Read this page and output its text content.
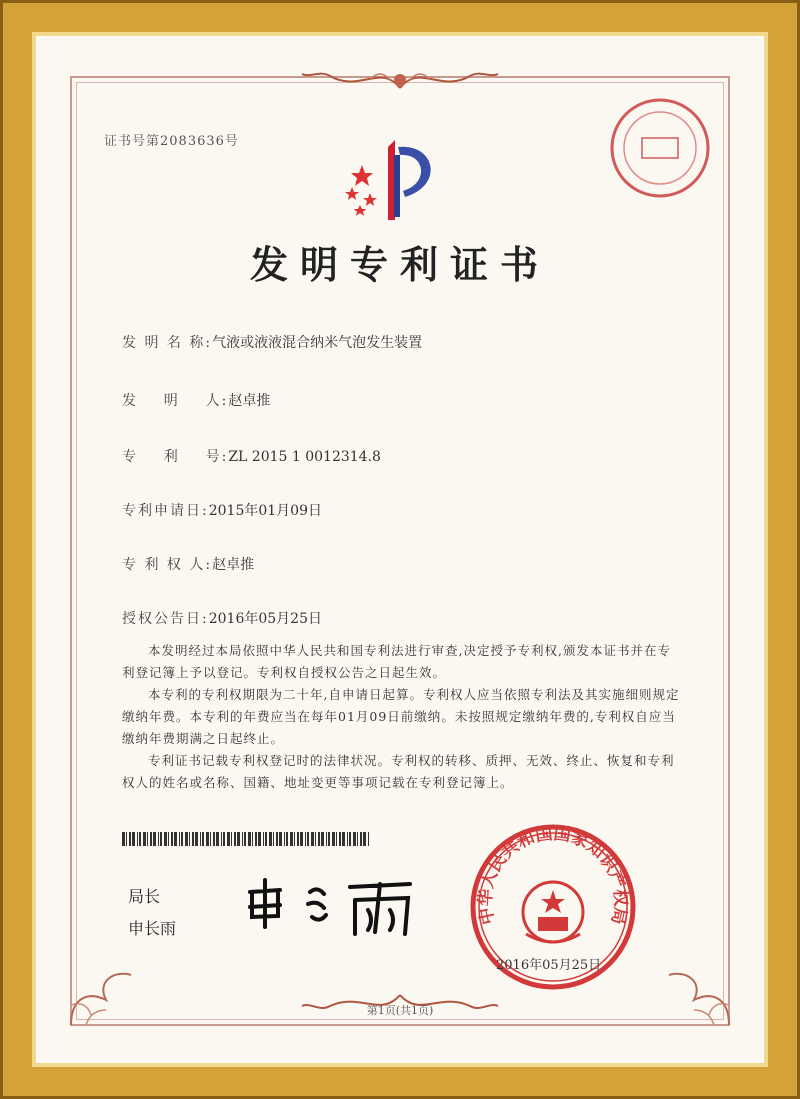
证书号第2083636号
发明专利证书
发 明 名 称:气液或液液混合纳米气泡发生装置
发    明    人:赵卓推
专    利    号:ZL 2015 1 0012314.8
专利申请日:2015年01月09日
专 利 权 人:赵卓推
授权公告日:2016年05月25日
本发明经过本局依照中华人民共和国专利法进行审查,决定授予专利权,颁发本证书并在专利登记簿上予以登记。专利权自授权公告之日起生效。
本专利的专利权期限为二十年,自申请日起算。专利权人应当依照专利法及其实施细则规定缴纳年费。本专利的年费应当在每年01月09日前缴纳。未按照规定缴纳年费的,专利权自应当缴纳年费期满之日起终止。
专利证书记载专利权登记时的法律状况。专利权的转移、质押、无效、终止、恢复和专利权人的姓名或名称、国籍、地址变更等事项记载在专利登记簿上。
局长
申长雨
中华人民共和国国家知识产权局
2016年05月25日
第1页(共1页)
